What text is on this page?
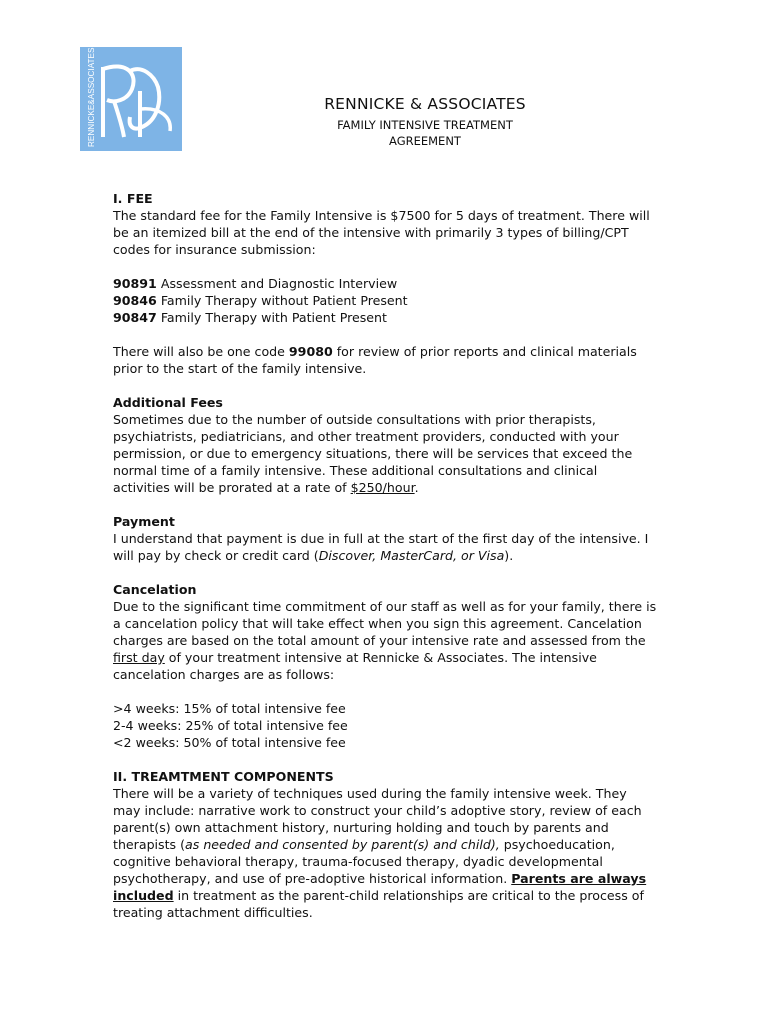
RENNICKE&ASSOCIATES	RENNICKE & ASSOCIATES
FAMILY INTENSIVE TREATMENT AGREEMENT

I. FEE

The standard fee for the Family Intensive is $7500 for 5 days of treatment. There will be an itemized bill at the end of the intensive with primarily 3 types of billing/CPT codes for insurance submission:

90891 Assessment and Diagnostic Interview

90846 Family Therapy without Patient Present

90847 Family Therapy with Patient Present

There will also be one code 99080 for review of prior reports and clinical materials prior to the start of the family intensive.

Additional Fees

Sometimes due to the number of outside consultations with prior therapists, psychiatrists, pediatricians, and other treatment providers, conducted with your permission, or due to emergency situations, there will be services that exceed the normal time of a family intensive. These additional consultations and clinical activities will be prorated at a rate of $250/hour.

Payment

I understand that payment is due in full at the start of the first day of the intensive. I will pay by check or credit card (Discover, MasterCard, or Visa).

Cancelation

Due to the significant time commitment of our staff as well as for your family, there is a cancelation policy that will take effect when you sign this agreement. Cancelation charges are based on the total amount of your intensive rate and assessed from the first day of your treatment intensive at Rennicke & Associates. The intensive cancelation charges are as follows:

>4 weeks: 15% of total intensive fee

2-4 weeks: 25% of total intensive fee

<2 weeks: 50% of total intensive fee

II. TREAMTMENT COMPONENTS

There will be a variety of techniques used during the family intensive week. They may include: narrative work to construct your child’s adoptive story, review of each parent(s) own attachment history, nurturing holding and touch by parents and therapists (as needed and consented by parent(s) and child), psychoeducation, cognitive behavioral therapy, trauma-focused therapy, dyadic developmental psychotherapy, and use of pre-adoptive historical information. Parents are always included in treatment as the parent-child relationships are critical to the process of treating attachment difficulties.
